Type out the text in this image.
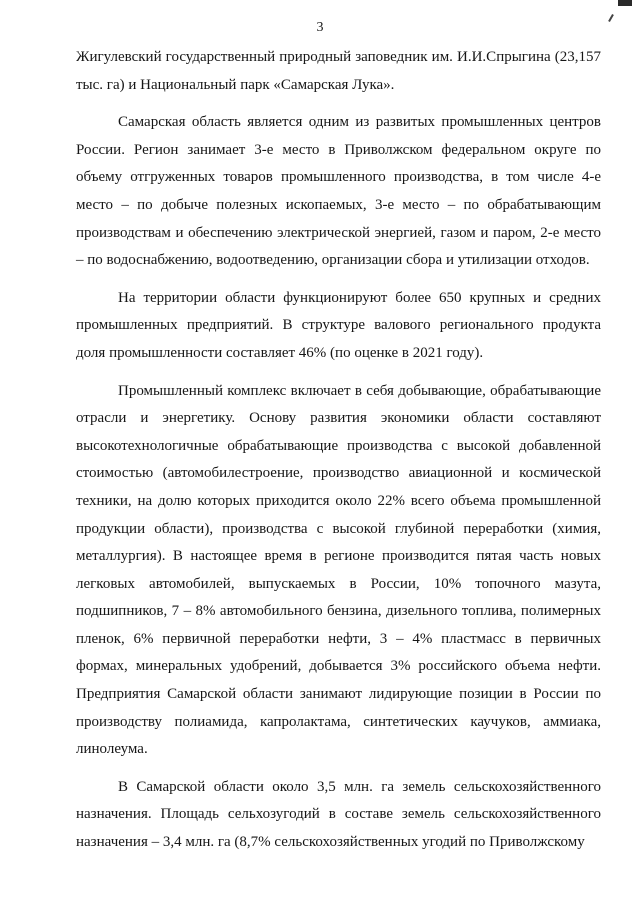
3

Жигулевский государственный природный заповедник им. И.И.Спрыгина (23,157 тыс. га) и Национальный парк «Самарская Лука».

Самарская область является одним из развитых промышленных центров России. Регион занимает 3-е место в Приволжском федеральном округе по объему отгруженных товаров промышленного производства, в том числе 4-е место – по добыче полезных ископаемых, 3-е место – по обрабатывающим производствам и обеспечению электрической энергией, газом и паром, 2-е место – по водоснабжению, водоотведению, организации сбора и утилизации отходов.

На территории области функционируют более 650 крупных и средних промышленных предприятий. В структуре валового регионального продукта доля промышленности составляет 46% (по оценке в 2021 году).

Промышленный комплекс включает в себя добывающие, обрабатывающие отрасли и энергетику. Основу развития экономики области составляют высокотехнологичные обрабатывающие производства с высокой добавленной стоимостью (автомобилестроение, производство авиационной и космической техники, на долю которых приходится около 22% всего объема промышленной продукции области), производства с высокой глубиной переработки (химия, металлургия). В настоящее время в регионе производится пятая часть новых легковых автомобилей, выпускаемых в России, 10% топочного мазута, подшипников, 7 – 8% автомобильного бензина, дизельного топлива, полимерных пленок, 6% первичной переработки нефти, 3 – 4% пластмасс в первичных формах, минеральных удобрений, добывается 3% российского объема нефти. Предприятия Самарской области занимают лидирующие позиции в России по производству полиамида, капролактама, синтетических каучуков, аммиака, линолеума.

В Самарской области около 3,5 млн. га земель сельскохозяйственного назначения. Площадь сельхозугодий в составе земель сельскохозяйственного назначения – 3,4 млн. га (8,7% сельскохозяйственных угодий по Приволжскому
